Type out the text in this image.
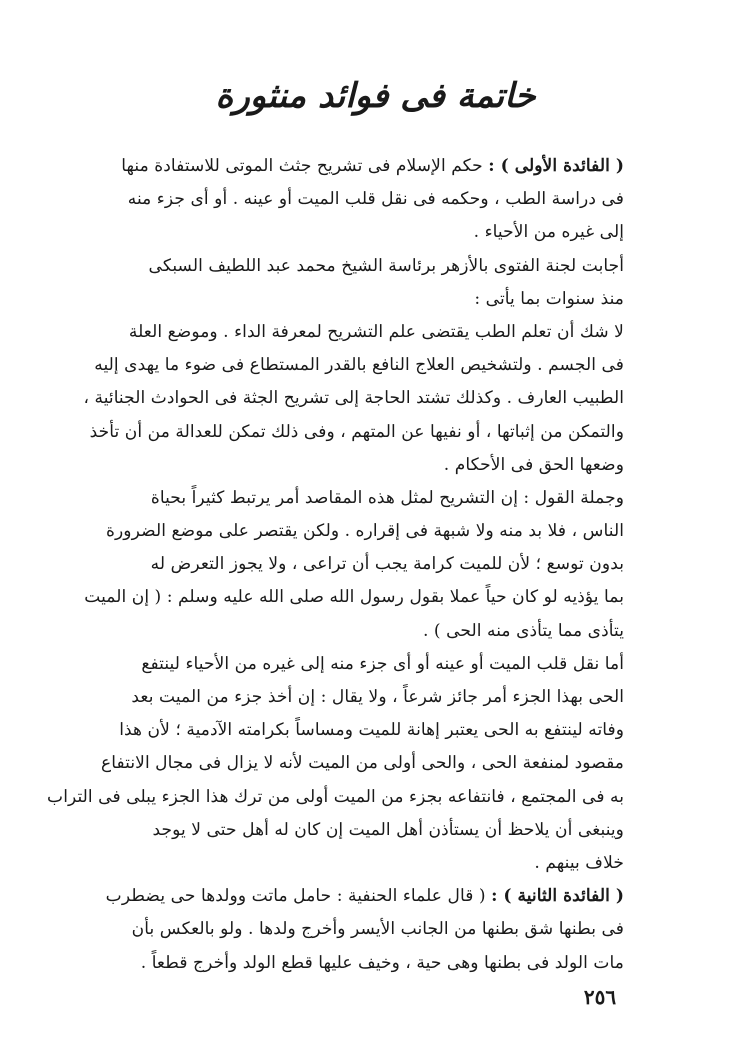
خاتمة فى فوائد منثورة
( الفائدة الأولى ) : حكم الإسلام فى تشريح جثث الموتى للاستفادة منها
فى دراسة الطب ، وحكمه فى نقل قلب الميت أو عينه . أو أى جزء منه
إلى غيره من الأحياء .
أجابت لجنة الفتوى بالأزهر برئاسة الشيخ محمد عبد اللطيف السبكى
منذ سنوات بما يأتى :
لا شك أن تعلم الطب يقتضى علم التشريح لمعرفة الداء . وموضع العلة
فى الجسم . ولتشخيص العلاج النافع بالقدر المستطاع فى ضوء ما يهدى إليه
الطبيب العارف . وكذلك تشتد الحاجة إلى تشريح الجثة فى الحوادث الجنائية ،
والتمكن من إثباتها ، أو نفيها عن المتهم ، وفى ذلك تمكن للعدالة من أن تأخذ
وضعها الحق فى الأحكام .
وجملة القول : إن التشريح لمثل هذه المقاصد أمر يرتبط كثيراً بحياة
الناس ، فلا بد منه ولا شبهة فى إقراره . ولكن يقتصر على موضع الضرورة
بدون توسع ؛ لأن للميت كرامة يجب أن تراعى ، ولا يجوز التعرض له
بما يؤذيه لو كان حياً عملا بقول رسول الله صلى الله عليه وسلم : ( إن الميت
يتأذى مما يتأذى منه الحى ) .
أما نقل قلب الميت أو عينه أو أى جزء منه إلى غيره من الأحياء لينتفع
الحى بهذا الجزء أمر جائز شرعاً ، ولا يقال : إن أخذ جزء من الميت بعد
وفاته لينتفع به الحى يعتبر إهانة للميت ومساساً بكرامته الآدمية ؛ لأن هذا
مقصود لمنفعة الحى ، والحى أولى من الميت لأنه لا يزال فى مجال الانتفاع
به فى المجتمع ، فانتفاعه بجزء من الميت أولى من ترك هذا الجزء يبلى فى التراب
وينبغى أن يلاحظ أن يستأذن أهل الميت إن كان له أهل حتى لا يوجد
خلاف بينهم .
( الفائدة الثانية ) : ( قال علماء الحنفية : حامل ماتت وولدها حى يضطرب
فى بطنها شق بطنها من الجانب الأيسر وأخرج ولدها . ولو بالعكس بأن
مات الولد فى بطنها وهى حية ، وخيف عليها قطع الولد وأخرج قطعاً .
٢٥٦
